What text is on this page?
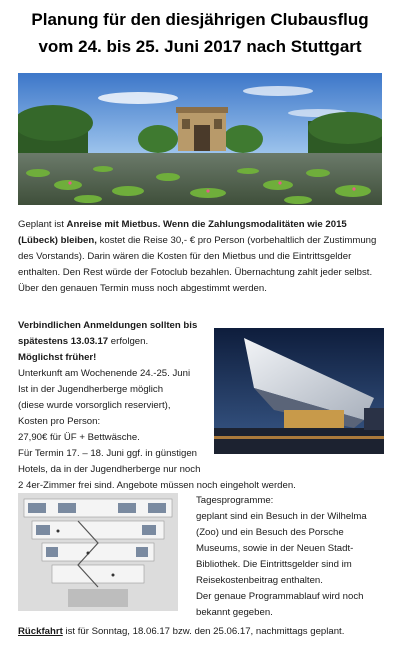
Planung für den diesjährigen Clubausflug
vom 24. bis 25. Juni 2017 nach Stuttgart

Geplant ist Anreise mit Mietbus. Wenn die Zahlungsmodalitäten wie 2015 (Lübeck) bleiben, kostet die Reise 30,- € pro Person (vorbehaltlich der Zustimmung des Vorstands). Darin wären die Kosten für den Mietbus und die Eintrittsgelder enthalten. Den Rest würde der Fotoclub bezahlen. Übernachtung zahlt jeder selbst. Über den genauen Termin muss noch abgestimmt werden.

Verbindlichen Anmeldungen sollten bis
spätestens 13.03.17 erfolgen.
Möglichst früher!
Unterkunft am Wochenende 24.-25. Juni
Ist in der Jugendherberge möglich
(diese wurde vorsorglich reserviert),
Kosten pro Person:
27,90€ für ÜF + Bettwäsche.
Für Termin 17. – 18. Juni ggf. in günstigen
Hotels, da in der Jugendherberge nur noch
2 4er-Zimmer frei sind. Angebote müssen noch eingeholt werden.
Tagesprogramme:
geplant sind ein Besuch in der Wilhelma
(Zoo) und ein Besuch des Porsche
Museums, sowie in der Neuen Stadt-
Bibliothek. Die Eintrittsgelder sind im
Reisekostenbeitrag enthalten.
Der genaue Programmablauf wird noch
bekannt gegeben.
Rückfahrt ist für Sonntag, 18.06.17 bzw. den 25.06.17, nachmittags geplant.
